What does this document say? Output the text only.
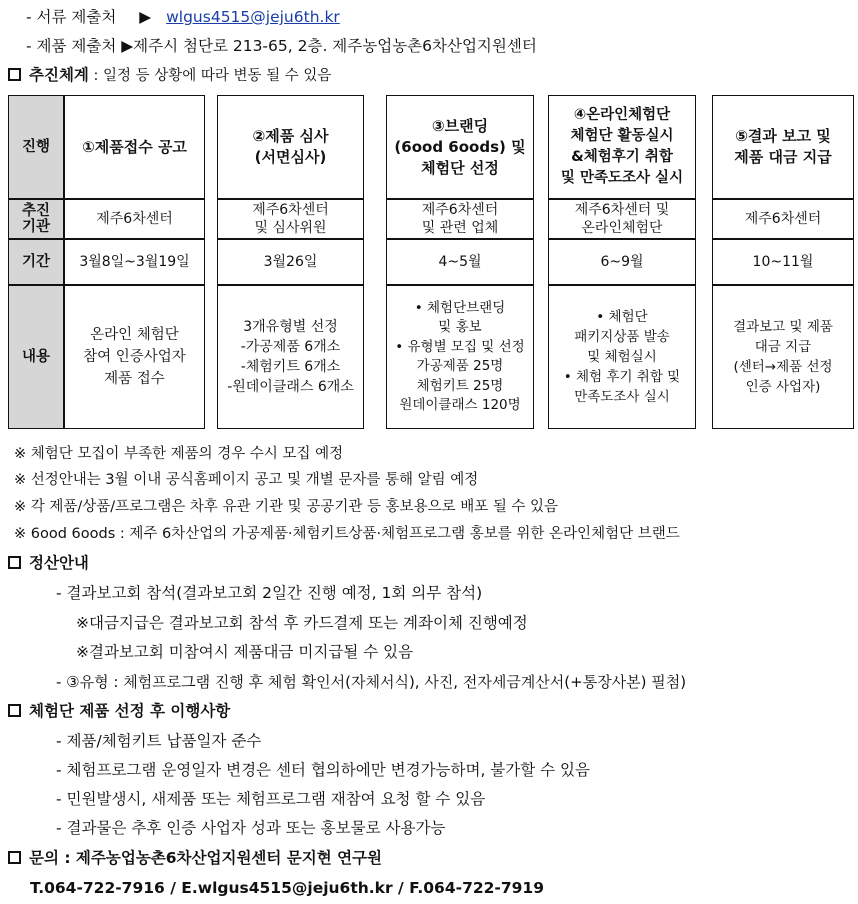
- 서류 제출처 ▶ wlgus4515@jeju6th.kr
- 제품 제출처 ▶제주시 첨단로 213-65, 2층. 제주농업농촌6차산업지원센터
추진체계 : 일정 등 상황에 따라 변동 될 수 있음
진행
추진
기관
기간
내용
①제품접수 공고
제주6차센터
3월8일~3월19일
온라인 체험단
참여 인증사업자
제품 접수
②제품 심사
(서면심사)
제주6차센터
및 심사위원
3월26일
3개유형별 선정
-가공제품 6개소
-체험키트 6개소
-원데이클래스 6개소
③브랜딩
(6ood 6oods) 및
체험단 선정
제주6차센터
및 관련 업체
4~5월
• 체험단브랜딩
및 홍보
• 유형별 모집 및 선정
가공제품 25명
체험키트 25명
원데이클래스 120명
④온라인체험단
체험단 활동실시
&체험후기 취합
및 만족도조사 실시
제주6차센터 및
온라인체험단
6~9월
• 체험단
패키지상품 발송
및 체험실시
• 체험 후기 취합 및
만족도조사 실시
⑤결과 보고 및
제품 대금 지급
제주6차센터
10~11월
결과보고 및 제품
대금 지급
(센터→제품 선정
인증 사업자)
※ 체험단 모집이 부족한 제품의 경우 수시 모집 예정
※ 선정안내는 3월 이내 공식홈페이지 공고 및 개별 문자를 통해 알림 예정
※ 각 제품/상품/프로그램은 차후 유관 기관 및 공공기관 등 홍보용으로 배포 될 수 있음
※ 6ood 6oods : 제주 6차산업의 가공제품·체험키트상품·체험프로그램 홍보를 위한 온라인체험단 브랜드
정산안내
- 결과보고회 참석(결과보고회 2일간 진행 예정, 1회 의무 참석)
※대금지급은 결과보고회 참석 후 카드결제 또는 계좌이체 진행예정
※결과보고회 미참여시 제품대금 미지급될 수 있음
- ③유형 : 체험프로그램 진행 후 체험 확인서(자체서식), 사진, 전자세금계산서(+통장사본) 필첨)
체험단 제품 선정 후 이행사항
- 제품/체험키트 납품일자 준수
- 체험프로그램 운영일자 변경은 센터 협의하에만 변경가능하며, 불가할 수 있음
- 민원발생시, 새제품 또는 체험프로그램 재참여 요청 할 수 있음
- 결과물은 추후 인증 사업자 성과 또는 홍보물로 사용가능
문의 : 제주농업농촌6차산업지원센터 문지현 연구원
T.064-722-7916 / E.wlgus4515@jeju6th.kr / F.064-722-7919
